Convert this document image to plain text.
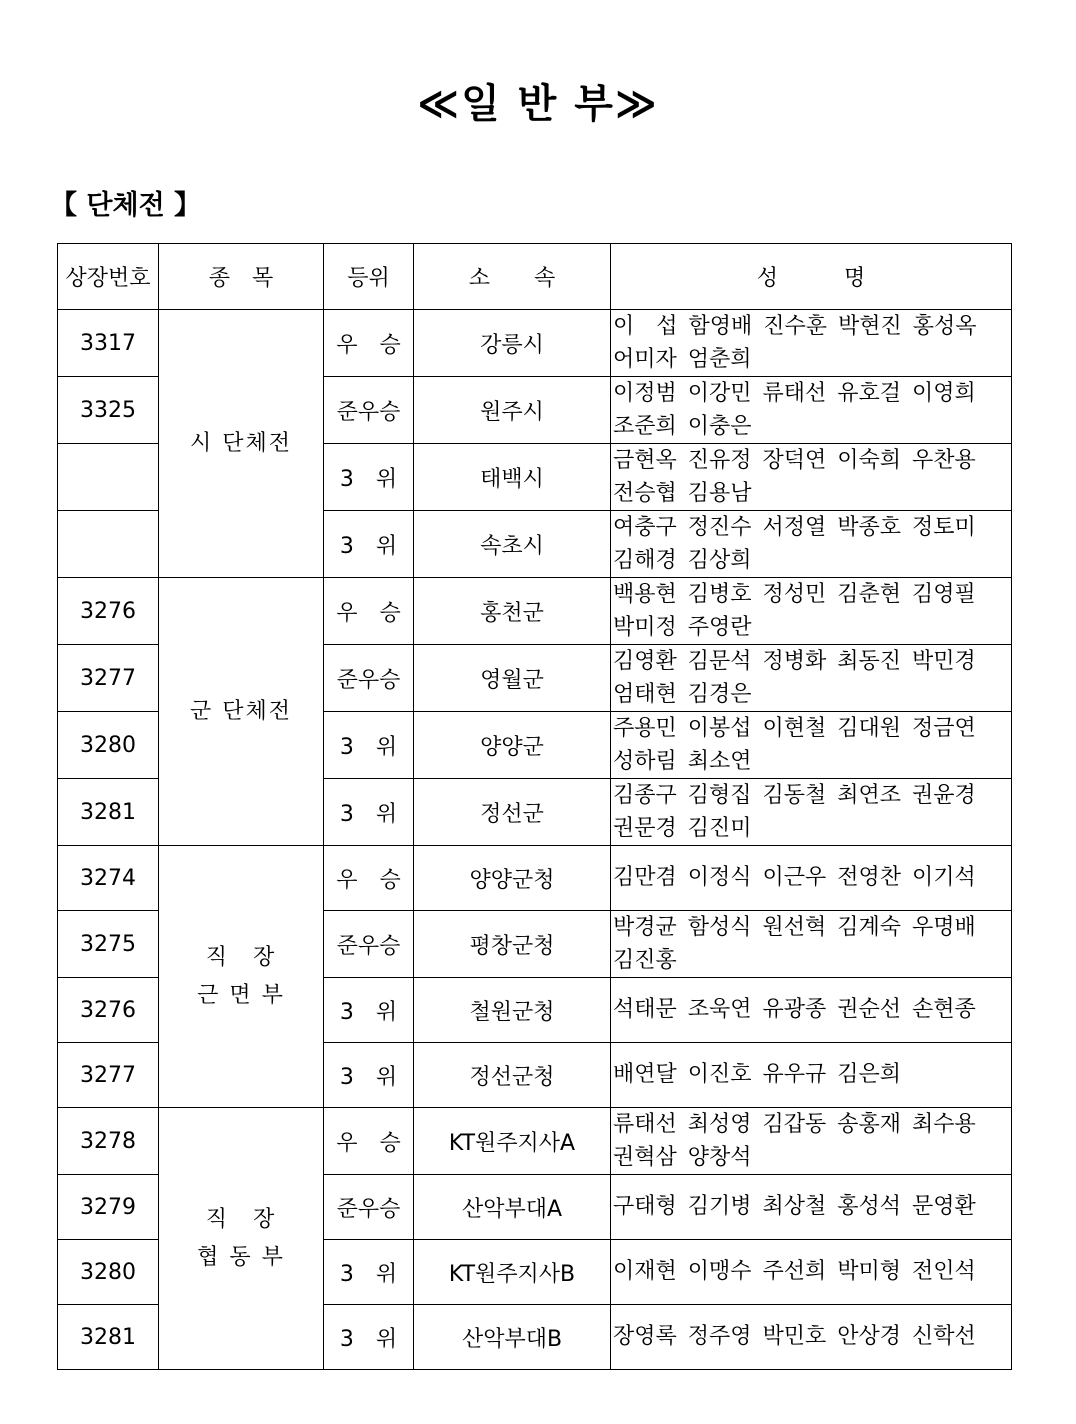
≪일 반 부≫
【 단체전 】
상장번호	종　목	등위	소　　속	성　　　명
3317	시 단체전	우　승	강릉시	이　섭 함영배 진수훈 박현진 홍성옥
어미자 엄춘희
3325		준우승	원주시	이정범 이강민 류태선 유호걸 이영희
조준희 이충은
		3　위	태백시	금현옥 진유정 장덕연 이숙희 우찬용
전승협 김용남
		3　위	속초시	여충구 정진수 서정열 박종호 정토미
김해경 김상희
3276	군 단체전	우　승	홍천군	백용현 김병호 정성민 김춘현 김영필
박미정 주영란
3277		준우승	영월군	김영환 김문석 정병화 최동진 박민경
엄태현 김경은
3280		3　위	양양군	주용민 이봉섭 이현철 김대원 정금연
성하림 최소연
3281		3　위	정선군	김종구 김형집 김동철 최연조 권윤경
권문경 김진미
3274	직　장
근 면 부	우　승	양양군청	김만겸 이정식 이근우 전영찬 이기석
3275		준우승	평창군청	박경균 함성식 원선혁 김계숙 우명배
김진홍
3276		3　위	철원군청	석태문 조욱연 유광종 권순선 손현종
3277		3　위	정선군청	배연달 이진호 유우규 김은희
3278	직　장
협 동 부	우　승	KT원주지사A	류태선 최성영 김갑동 송홍재 최수용
권혁삼 양창석
3279		준우승	산악부대A	구태형 김기병 최상철 홍성석 문영환
3280		3　위	KT원주지사B	이재현 이맹수 주선희 박미형 전인석
3281		3　위	산악부대B	장영록 정주영 박민호 안상경 신학선
